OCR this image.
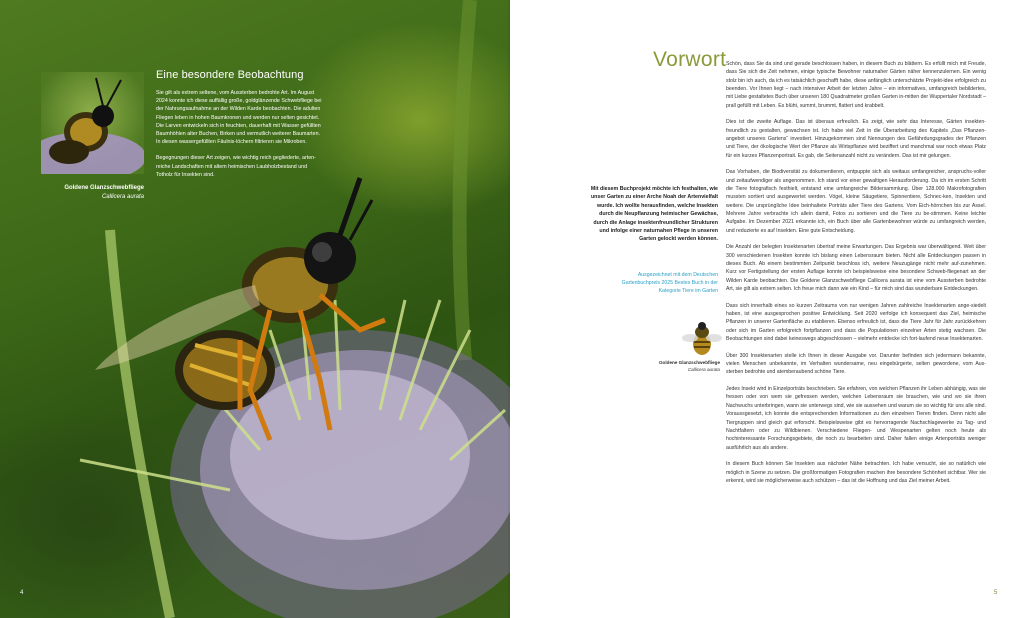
Goldene Glanzschwebfliege
Callicera aurata
Eine besondere Beobachtung

Sie gilt als extrem seltene, vom Aussterben bedrohte Art. Im August 2024 konnte ich diese auffällig große, goldglänzende Schwebfliege bei der Nahrungsaufnahme an der Wilden Karde beobachten. Die adulten Fliegen leben in hohen Baumkronen und werden nur selten gesichtet. Die Larven entwickeln sich in feuchten, dauerhaft mit Wasser gefüllten Baumhöhlen alter Buchen, Birken und vermutlich weiterer Baumarten. In diesen wassergefüllten Fäulnis-löchern filtrieren sie Mikroben.

Begegnungen dieser Art zeigen, wie wichtig reich gegliederte, arten-reiche Landschaften mit altem heimischen Laubholzbestand und Totholz für Insekten sind.

4
Vorwort
Mit diesem Buchprojekt möchte ich festhalten, wie unser Garten zu einer Arche Noah der Artenvielfalt wurde. Ich wollte herausfinden, welche Insekten durch die Neupflanzung heimischer Gewächse, durch die Anlage insektenfreundlicher Strukturen und infolge einer naturnahen Pflege in unseren Garten gelockt werden können.
Ausgezeichnet mit dem Deutschen Gartenbuchpreis 2025 Bestes Buch in der Kategorie Tiere im Garten
Goldene Glanzschwebfliege
Callicera aurata

Schön, dass Sie da sind und gerade beschlossen haben, in diesem Buch zu blättern. Es erfüllt mich mit Freude, dass Sie sich die Zeit nehmen, einige typische Bewohner naturnaher Gärten näher kennenzulernen. Ein wenig stolz bin ich auch, da ich es tatsächlich geschafft habe, diese anfänglich unterschätzte Projekt-idee erfolgreich zu beenden. Vor Ihnen liegt – nach intensiver Arbeit der letzten Jahre – ein informatives, umfangreich bebildertes, mit Liebe gestaltetes Buch über unseren 180 Quadratmeter großen Garten in-mitten der Wuppertaler Nordstadt – prall gefüllt mit Leben. Es blüht, summt, brummt, flattert und krabbelt.

Dies ist die zweite Auflage. Das ist überaus erfreulich. Es zeigt, wie sehr das Interesse, Gärten insekten-freundlich zu gestalten, gewachsen ist. Ich habe viel Zeit in die Überarbeitung des Kapitels „Das Pflanzen-angebot unseres Gartens“ investiert. Hinzugekommen sind Nennungen des Gefährdungsgrades der Pflanzen und Tiere, der ökologische Wert der Pflanze als Wirtspflanze wird beziffert und manchmal war noch etwas Platz für ein kurzes Pflanzenportrait. Es gab, die Seitenanzahl nicht zu verändern. Das ist mir gelungen.

Das Vorhaben, die Biodiversität zu dokumentieren, entpuppte sich als weitaus umfangreicher, anspruchs-voller und zeitaufwendiger als angenommen. Ich stand vor einer gewaltigen Herausforderung. Da ich im ersten Schritt die Tiere fotografisch festhielt, entstand eine umfangreiche Bildersammlung. Über 128.000 Makrofotografien mussten sortiert und ausgewertet werden. Vögel, kleine Säugetiere, Spinnentiere, Schnec-ken, Insekten und weitere. Die ursprüngliche Idee beinhaltete Porträts aller Tiere des Gartens. Vom Eich-hörnchen bis zur Assel. Mehrere Jahre verbrachte ich allein damit, Fotos zu sortieren und die Tiere zu be-stimmen. Keine leichte Aufgabe. Im Dezember 2021 erkannte ich, ein Buch über alle Gartenbewohner würde zu umfangreich werden, und reduzierte es auf Insekten. Eine gute Entscheidung.

Die Anzahl der belegten Insektenarten übertraf meine Erwartungen. Das Ergebnis war überwältigend. Weit über 300 verschiedenen Insekten konnte ich bislang einen Lebensraum bieten. Nicht alle Entdeckungen passen in dieses Buch. Ab einem bestimmten Zeitpunkt beschloss ich, weitere Neuzugänge nicht mehr auf-zunehmen. Kurz vor Fertigstellung der ersten Auflage konnte ich beispielsweise eine besondere Schweb-fliegenart an der Wilden Karde beobachten. Die Goldene Glanzschwebfliege Callicera aurata ist eine vom Aussterben bedrohte Art, sie gilt als extrem selten. Ich freue mich dann wie ein Kind – für mich sind das wunderbare Entdeckungen.

Dass sich innerhalb eines so kurzen Zeitraums von nur wenigen Jahren zahlreiche Insektenarten ange-siedelt haben, ist eine ausgesprochen positive Entwicklung. Seit 2020 verfolge ich konsequent das Ziel, heimische Pflanzen in unserer Gartenfläche zu etablieren. Ebenso erfreulich ist, dass die Tiere Jahr für Jahr zurückkehren oder sich im Garten erfolgreich fortpflanzen und dass die Populationen einzelner Arten stetig wachsen. Die Beobachtungen sind dabei keineswegs abgeschlossen – vielmehr entdecke ich fort-laufend neue Insektenarten.

Über 300 Insektenarten stelle ich Ihnen in dieser Ausgabe vor. Darunter befinden sich jedermann bekannte, vielen Menschen unbekannte, im Verhalten wundersame, neu eingebürgerte, selten gewordene, vom Aus-sterben bedrohte und atemberaubend schöne Tiere.

Jedes Insekt wird in Einzelporträts beschrieben. Sie erfahren, von welchen Pflanzen ihr Leben abhängig, was sie fressen oder von wem sie gefressen werden, welchen Lebensraum sie brauchen, wie und wo sie ihren Nachwuchs unterbringen, wann sie unterwegs sind, wie sie aussehen und warum sie so wichtig für uns alle sind. Voraussgesetzt, ich konnte die entsprechenden Informationen zu den einzelnen Tieren finden. Denn nicht alle Tiergruppen sind gleich gut erforscht. Beispielsweise gibt es hervorragende Nachschlagewerke zu Tag- und Nachtfaltern oder zu Wildbienen. Verschiedene Fliegen- und Wespenarten gelten noch heute als hochinteressante Forschungsgebiete, die noch zu bearbeiten sind. Daher fallen einige Artenporträts weniger ausführlich aus als andere.

In diesem Buch können Sie Insekten aus nächster Nähe betrachten. Ich habe versucht, sie so natürlich wie möglich in Szene zu setzen. Die großformatigen Fotografien machen ihre besondere Schönheit sichtbar. Wer sie erkennt, wird sie möglicherweise auch schützen – das ist die Hoffnung und das Ziel meiner Arbeit.

5
